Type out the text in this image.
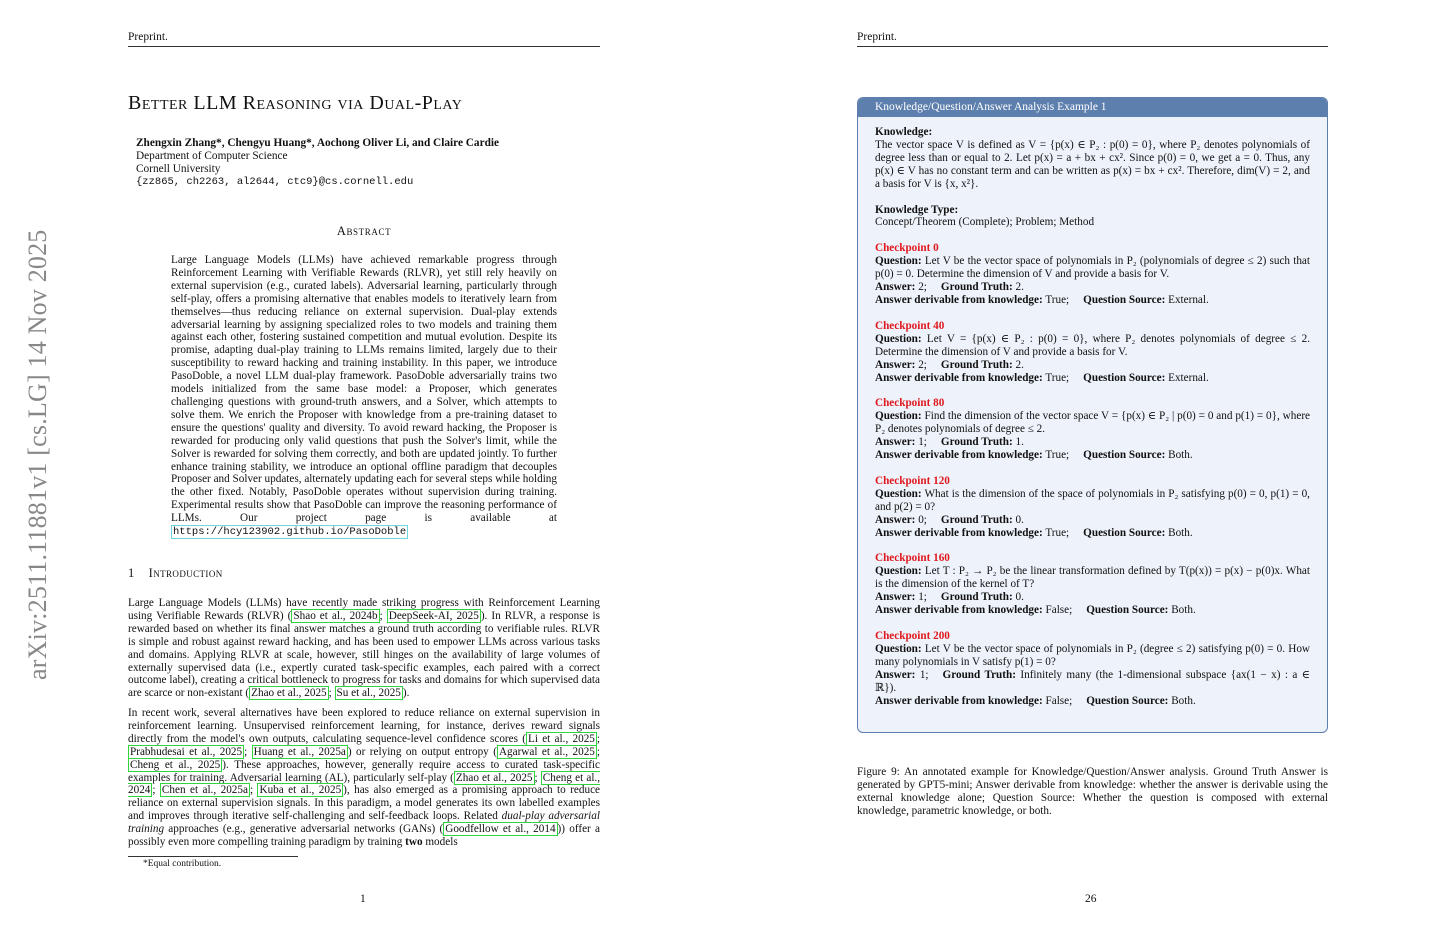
Preprint.
arXiv:2511.11881v1 [cs.LG] 14 Nov 2025
Better LLM Reasoning via Dual-Play
Zhengxin Zhang*, Chengyu Huang*, Aochong Oliver Li, and Claire Cardie
Department of Computer Science
Cornell University
{zz865, ch2263, al2644, ctc9}@cs.cornell.edu
Abstract
Large Language Models (LLMs) have achieved remarkable progress through Reinforcement Learning with Verifiable Rewards (RLVR), yet still rely heavily on external supervision (e.g., curated labels). Adversarial learning, particularly through self-play, offers a promising alternative that enables models to iteratively learn from themselves—thus reducing reliance on external supervision. Dual-play extends adversarial learning by assigning specialized roles to two models and training them against each other, fostering sustained competition and mutual evolution. Despite its promise, adapting dual-play training to LLMs remains limited, largely due to their susceptibility to reward hacking and training instability. In this paper, we introduce PasoDoble, a novel LLM dual-play framework. PasoDoble adversarially trains two models initialized from the same base model: a Proposer, which generates challenging questions with ground-truth answers, and a Solver, which attempts to solve them. We enrich the Proposer with knowledge from a pre-training dataset to ensure the questions' quality and diversity. To avoid reward hacking, the Proposer is rewarded for producing only valid questions that push the Solver's limit, while the Solver is rewarded for solving them correctly, and both are updated jointly. To further enhance training stability, we introduce an optional offline paradigm that decouples Proposer and Solver updates, alternately updating each for several steps while holding the other fixed. Notably, PasoDoble operates without supervision during training. Experimental results show that PasoDoble can improve the reasoning performance of LLMs. Our project page is available at https://hcy123902.github.io/PasoDoble
1 Introduction

Large Language Models (LLMs) have recently made striking progress with Reinforcement Learning using Verifiable Rewards (RLVR) ( Shao et al., 2024b ; DeepSeek-AI, 2025 ). In RLVR, a response is rewarded based on whether its final answer matches a ground truth according to verifiable rules. RLVR is simple and robust against reward hacking, and has been used to empower LLMs across various tasks and domains. Applying RLVR at scale, however, still hinges on the availability of large volumes of externally supervised data (i.e., expertly curated task-specific examples, each paired with a correct outcome label), creating a critical bottleneck to progress for tasks and domains for which supervised data are scarce or non-existant ( Zhao et al., 2025 ; Su et al., 2025 ).

In recent work, several alternatives have been explored to reduce reliance on external supervision in reinforcement learning. Unsupervised reinforcement learning, for instance, derives reward signals directly from the model's own outputs, calculating sequence-level confidence scores ( Li et al., 2025 ; Prabhudesai et al., 2025 ; Huang et al., 2025a ) or relying on output entropy ( Agarwal et al., 2025 ; Cheng et al., 2025 ). These approaches, however, generally require access to curated task-specific examples for training. Adversarial learning (AL), particularly self-play ( Zhao et al., 2025 ; Cheng et al., 2024 ; Chen et al., 2025a ; Kuba et al., 2025 ), has also emerged as a promising approach to reduce reliance on external supervision signals. In this paradigm, a model generates its own labelled examples and improves through iterative self-challenging and self-feedback loops. Related dual-play adversarial training approaches (e.g., generative adversarial networks (GANs) ( Goodfellow et al., 2014 )) offer a possibly even more compelling training paradigm by training two models

*Equal contribution.
1
Preprint.
Knowledge/Question/Answer Analysis Example 1
Knowledge:
The vector space V is defined as V = {p(x) ∈ P₂ : p(0) = 0}, where P₂ denotes polynomials of degree less than or equal to 2. Let p(x) = a + bx + cx². Since p(0) = 0, we get a = 0. Thus, any p(x) ∈ V has no constant term and can be written as p(x) = bx + cx². Therefore, dim(V) = 2, and a basis for V is {x, x²}.
Knowledge Type:
Concept/Theorem (Complete); Problem; Method
Checkpoint 0
Question: Let V be the vector space of polynomials in P₂ (polynomials of degree ≤ 2) such that p(0) = 0. Determine the dimension of V and provide a basis for V.
Answer: 2; Ground Truth: 2.
Answer derivable from knowledge: True; Question Source: External.
Checkpoint 40
Question: Let V = {p(x) ∈ P₂ : p(0) = 0}, where P₂ denotes polynomials of degree ≤ 2. Determine the dimension of V and provide a basis for V.
Answer: 2; Ground Truth: 2.
Answer derivable from knowledge: True; Question Source: External.
Checkpoint 80
Question: Find the dimension of the vector space V = {p(x) ∈ P₂ | p(0) = 0 and p(1) = 0}, where P₂ denotes polynomials of degree ≤ 2.
Answer: 1; Ground Truth: 1.
Answer derivable from knowledge: True; Question Source: Both.
Checkpoint 120
Question: What is the dimension of the space of polynomials in P₂ satisfying p(0) = 0, p(1) = 0, and p(2) = 0?
Answer: 0; Ground Truth: 0.
Answer derivable from knowledge: True; Question Source: Both.
Checkpoint 160
Question: Let T : P₂ → P₂ be the linear transformation defined by T(p(x)) = p(x) − p(0)x. What is the dimension of the kernel of T?
Answer: 1; Ground Truth: 0.
Answer derivable from knowledge: False; Question Source: Both.
Checkpoint 200
Question: Let V be the vector space of polynomials in P₂ (degree ≤ 2) satisfying p(0) = 0. How many polynomials in V satisfy p(1) = 0?
Answer: 1; Ground Truth: Infinitely many (the 1-dimensional subspace {ax(1 − x) : a ∈ ℝ}).
Answer derivable from knowledge: False; Question Source: Both.
Figure 9: An annotated example for Knowledge/Question/Answer analysis. Ground Truth Answer is generated by GPT5-mini; Answer derivable from knowledge: whether the answer is derivable using the external knowledge alone; Question Source: Whether the question is composed with external knowledge, parametric knowledge, or both.
26
